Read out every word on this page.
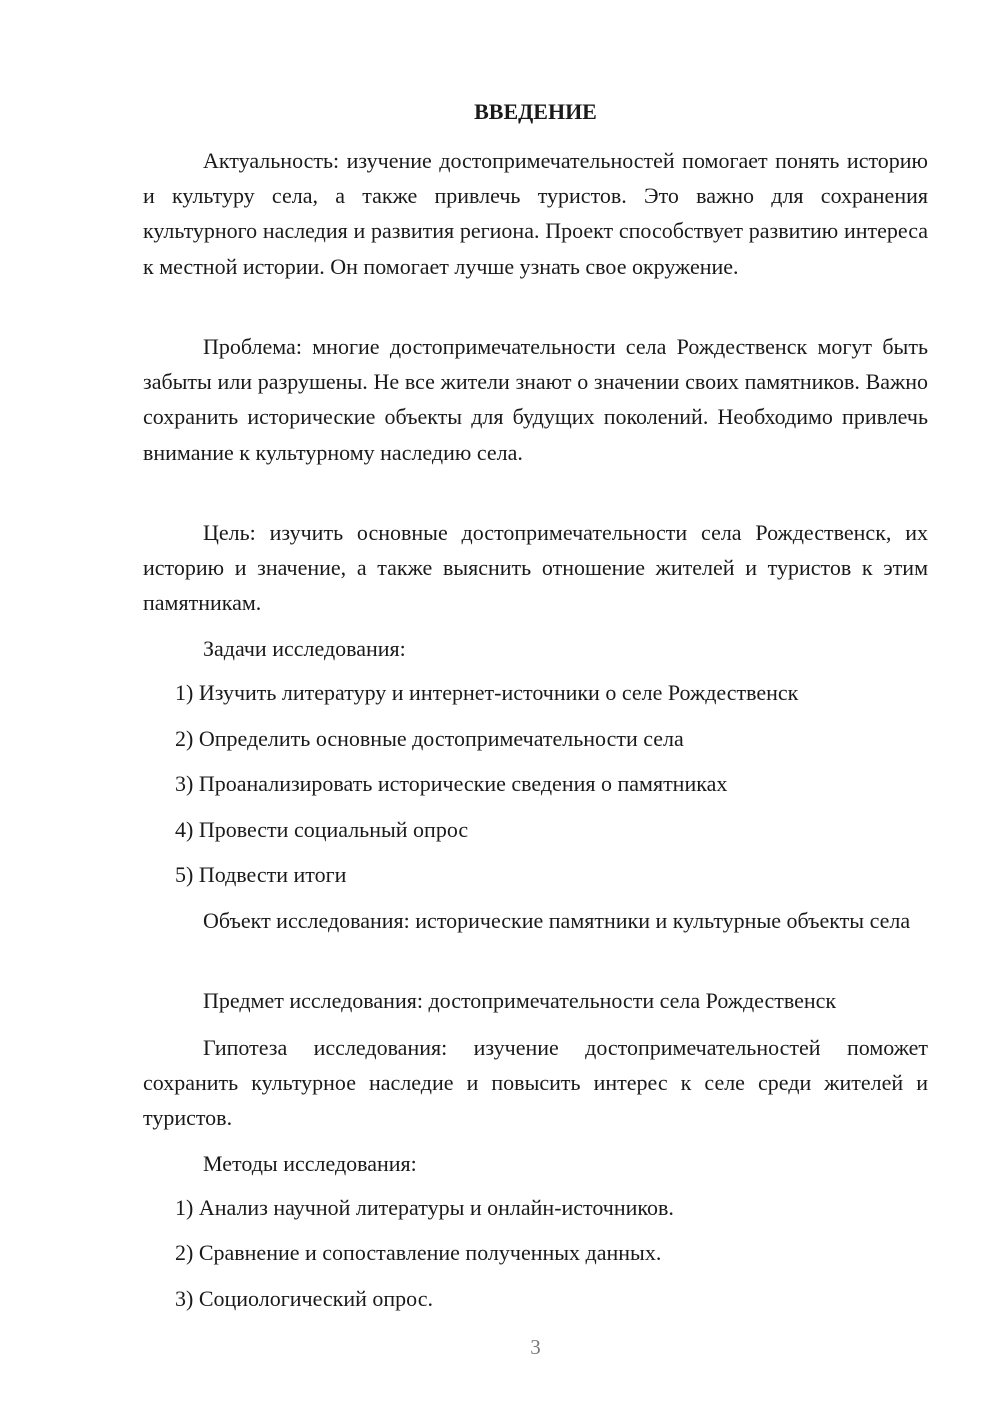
ВВЕДЕНИЕ

Актуальность: изучение достопримечательностей помогает понять историю и культуру села, а также привлечь туристов. Это важно для сохранения культурного наследия и развития региона. Проект способствует развитию интереса к местной истории. Он помогает лучше узнать свое окружение.

Проблема: многие достопримечательности села Рождественск могут быть забыты или разрушены. Не все жители знают о значении своих памятников. Важно сохранить исторические объекты для будущих поколений. Необходимо привлечь внимание к культурному наследию села.

Цель: изучить основные достопримечательности села Рождественск, их историю и значение, а также выяснить отношение жителей и туристов к этим памятникам.

Задачи исследования:

1) Изучить литературу и интернет-источники о селе Рождественск

2) Определить основные достопримечательности села

3) Проанализировать исторические сведения о памятниках

4) Провести социальный опрос

5) Подвести итоги

Объект исследования: исторические памятники и культурные объекты села

Предмет исследования: достопримечательности села Рождественск

Гипотеза исследования: изучение достопримечательностей поможет сохранить культурное наследие и повысить интерес к селе среди жителей и туристов.

Методы исследования:

1) Анализ научной литературы и онлайн-источников.

2) Сравнение и сопоставление полученных данных.

3) Социологический опрос.

3
